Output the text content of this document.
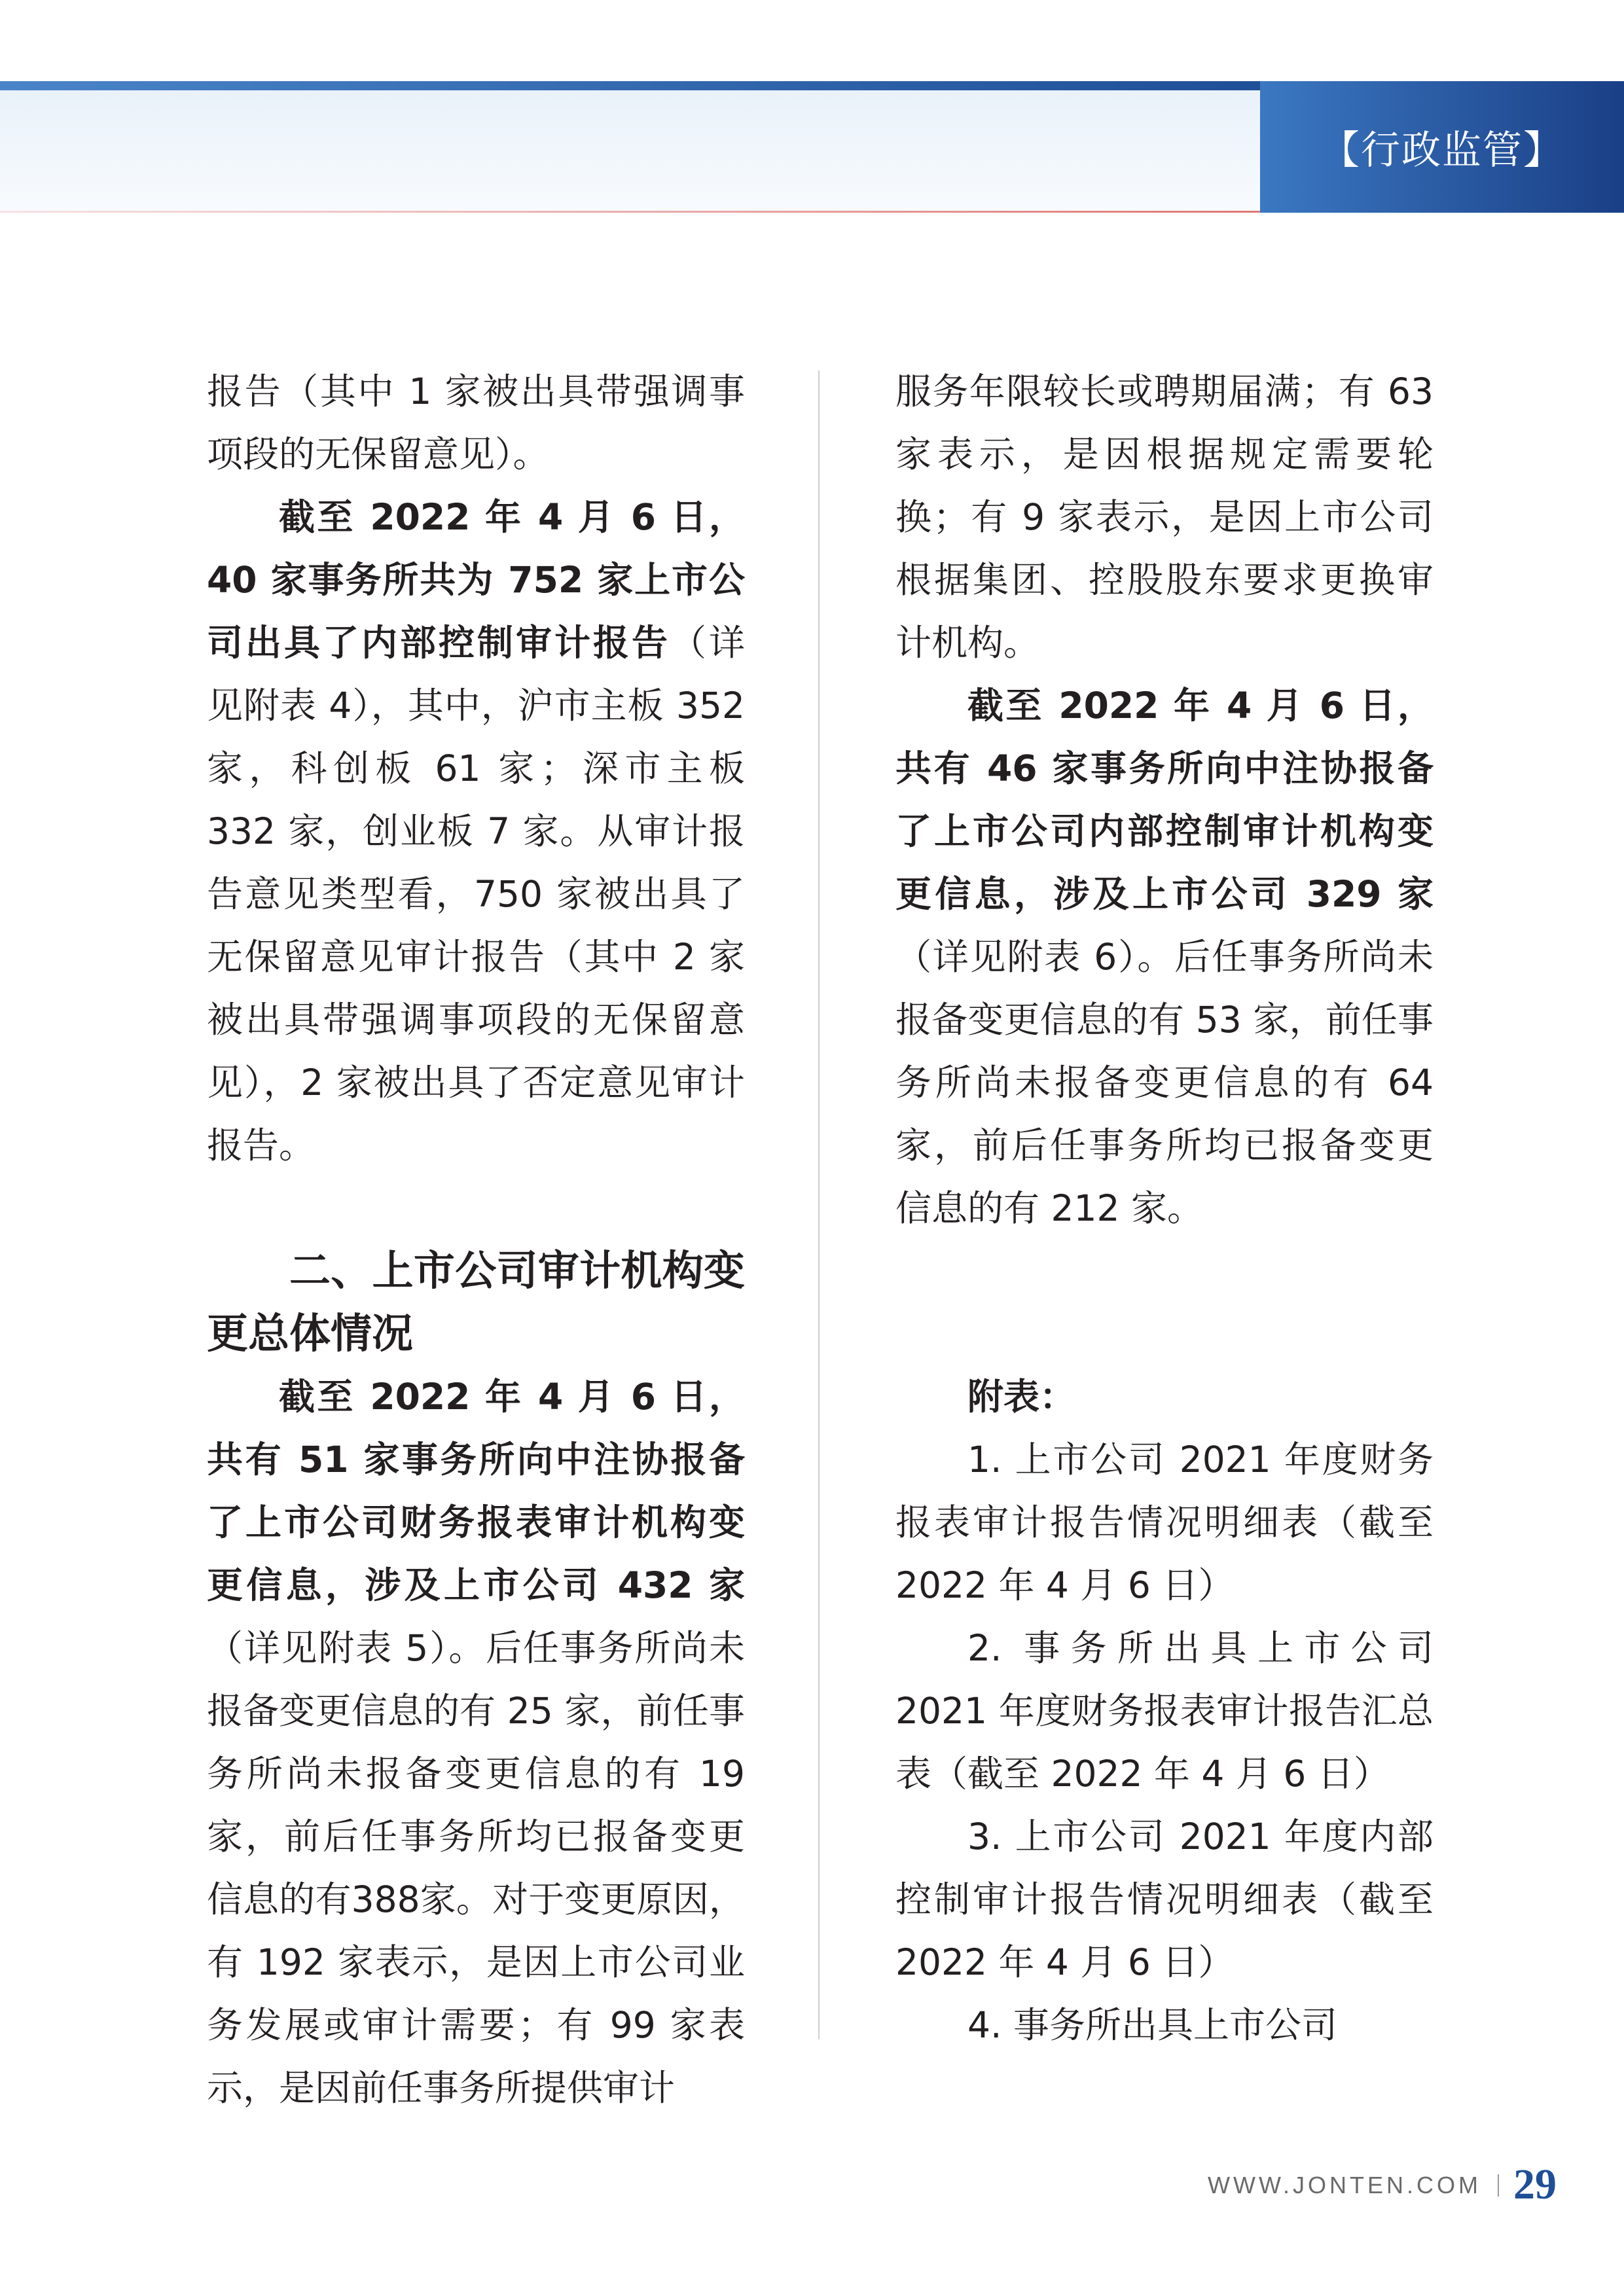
【行政监管】

报告（其中 1 家被出具带强调事项段的无保留意见）。

截至 2022 年 4 月 6 日，40 家事务所共为 752 家上市公司出具了内部控制审计报告（详见附表 4），其中，沪市主板 352 家，科创板 61 家；深市主板 332 家，创业板 7 家。从审计报告意见类型看，750 家被出具了无保留意见审计报告（其中 2 家被出具带强调事项段的无保留意见），2 家被出具了否定意见审计报告。

二、上市公司审计机构变更总体情况

截至 2022 年 4 月 6 日，共有 51 家事务所向中注协报备了上市公司财务报表审计机构变更信息，涉及上市公司 432 家（详见附表 5）。后任事务所尚未报备变更信息的有 25 家，前任事务所尚未报备变更信息的有 19 家，前后任事务所均已报备变更信息的有388家。对于变更原因，有 192 家表示，是因上市公司业务发展或审计需要；有 99 家表示，是因前任事务所提供审计

服务年限较长或聘期届满；有 63 家表示，是因根据规定需要轮换；有 9 家表示，是因上市公司根据集团、控股股东要求更换审计机构。

截至 2022 年 4 月 6 日，共有 46 家事务所向中注协报备了上市公司内部控制审计机构变更信息，涉及上市公司 329 家（详见附表 6）。后任事务所尚未报备变更信息的有 53 家，前任事务所尚未报备变更信息的有 64 家，前后任事务所均已报备变更信息的有 212 家。

附表：

1. 上市公司 2021 年度财务报表审计报告情况明细表（截至 2022 年 4 月 6 日）

2. 事务所出具上市公司 2021 年度财务报表审计报告汇总表（截至 2022 年 4 月 6 日）

3. 上市公司 2021 年度内部控制审计报告情况明细表（截至 2022 年 4 月 6 日）

4. 事务所出具上市公司

WWW.JONTEN.COM 29
